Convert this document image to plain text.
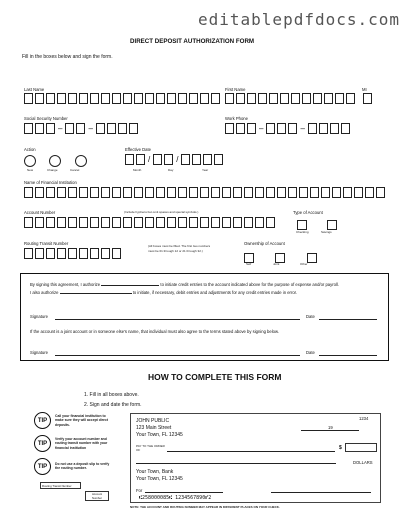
editablepdfdocs.com
DIRECT DEPOSIT AUTHORIZATION FORM
Fill in the boxes below and sign the form.
Last Name	First Name	MI
Social Security Number
–	–
Work Phone
–	–
Action

New	Change	Cancel
Effective Date
/	/
Month	Day	Year
Name of Financial Institution
Account Number	(Include hyphens but omit spaces and special symbols.)	Type of Account

Checking	Savings
Routing Transit Number	(All boxes must be filled. The first two numbers
must be 01 through 12 or 21 through 32.)
Ownership of Account

Self	Joint	Other
By signing this agreement, I authorize	to initiate credit entries to the account indicated above for the purpose of expense and/or payroll.
I also authorize	to initiate, if necessary, debit entries and adjustments for any credit entries made in error.
Signature	Date
If the account is a joint account or in someone else's name, that individual must also agree to the terms stated above by signing below.
Signature	Date
HOW TO COMPLETE THIS FORM
1. Fill in all boxes above.
2. Sign and date the form.
TIP
Call your financial institution to make sure they will accept direct deposits.
TIP
Verify your account number and routing transit number with your financial institution
TIP	Do not use a deposit slip to verify the routing number.
1234
JOHN PUBLIC
123 Main Street
Your Town, FL 12345
19
PAY TO THE ORDER OF	$
DOLLARS
Your Town, Bank
Your Town, FL 12345
For
⑆258000085⑆ 1234567890⑈2
Routing Transit Number
Account Number
NOTE: THE ACCOUNT AND ROUTING NUMBER MAY APPEAR IN DIFFERENT PLACES ON YOUR CHECK.
